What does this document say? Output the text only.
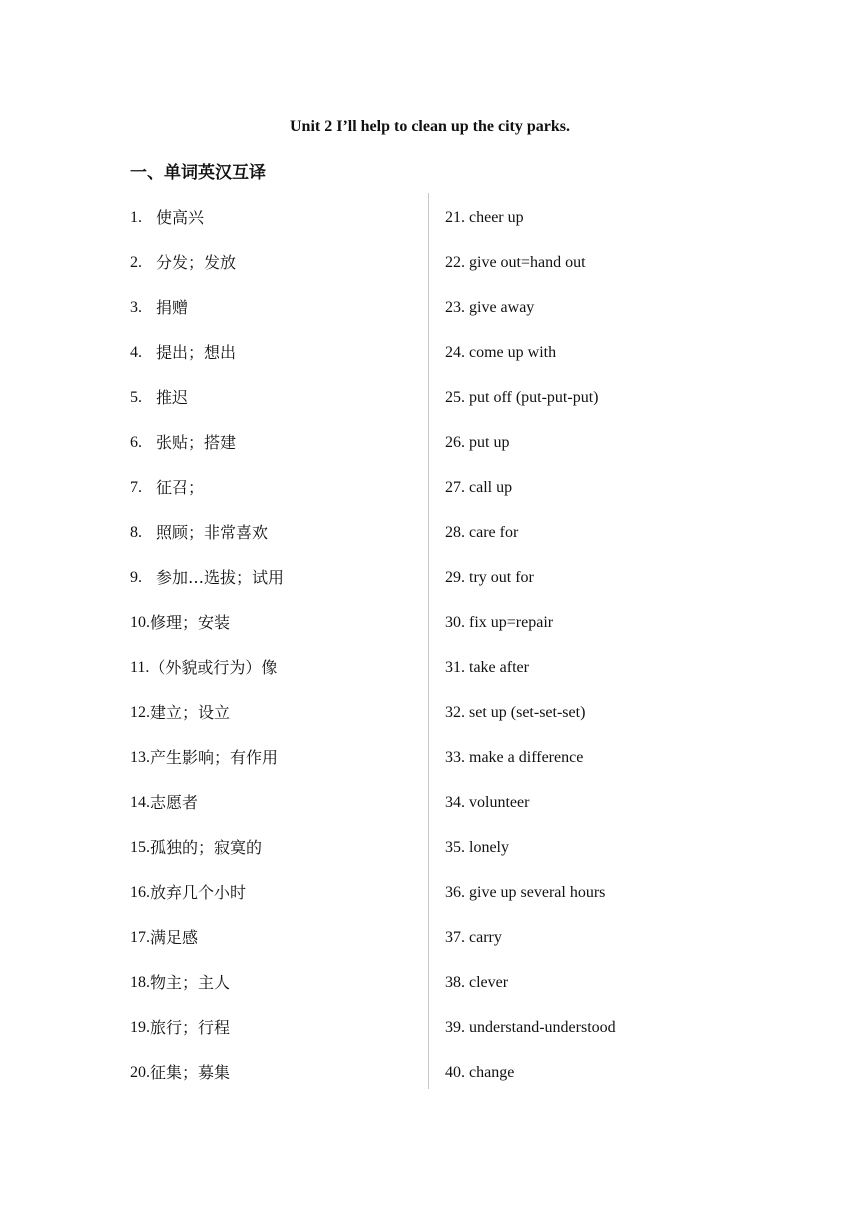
Unit 2 I’ll help to clean up the city parks.
一、单词英汉互译
1. 使高兴
2. 分发；发放
3. 捐赠
4. 提出；想出
5. 推迟
6. 张贴；搭建
7. 征召；
8. 照顾；非常喜欢
9. 参加…选拔；试用
10. 修理；安装
11. （外貌或行为）像
12. 建立；设立
13. 产生影响；有作用
14. 志愿者
15. 孤独的；寂寞的
16. 放弃几个小时
17. 满足感
18. 物主；主人
19. 旅行；行程
20. 征集；募集
21. cheer up
22. give out=hand out
23. give away
24. come up with
25. put off (put-put-put)
26. put up
27. call up
28. care for
29. try out for
30. fix up=repair
31. take after
32. set up (set-set-set)
33. make a difference
34. volunteer
35. lonely
36. give up several hours
37. carry
38. clever
39. understand-understood
40. change
